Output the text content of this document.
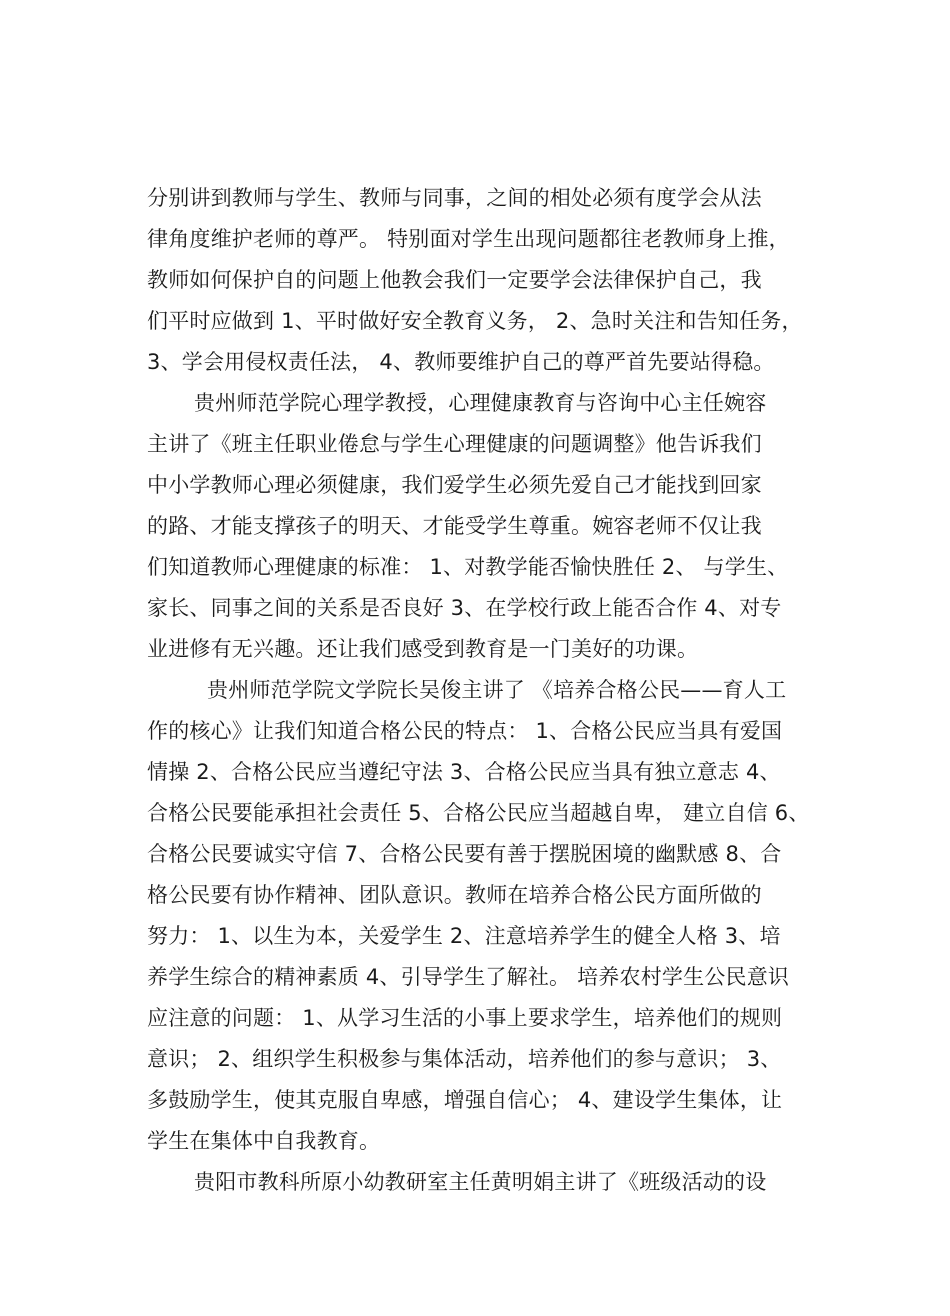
分别讲到教师与学生、教师与同事，之间的相处必须有度学会从法
律角度维护老师的尊严。 特别面对学生出现问题都往老教师身上推，
教师如何保护自的问题上他教会我们一定要学会法律保护自己，我
们平时应做到 1、平时做好安全教育义务， 2、急时关注和告知任务，
3、学会用侵权责任法， 4、教师要维护自己的尊严首先要站得稳。
贵州师范学院心理学教授，心理健康教育与咨询中心主任婉容
主讲了《班主任职业倦怠与学生心理健康的问题调整》他告诉我们
中小学教师心理必须健康，我们爱学生必须先爱自己才能找到回家
的路、才能支撑孩子的明天、才能受学生尊重。婉容老师不仅让我
们知道教师心理健康的标准： 1、对教学能否愉快胜任 2、 与学生、
家长、同事之间的关系是否良好 3、在学校行政上能否合作 4、对专
业进修有无兴趣。还让我们感受到教育是一门美好的功课。
贵州师范学院文学院长吴俊主讲了 《培养合格公民——育人工
作的核心》让我们知道合格公民的特点： 1、合格公民应当具有爱国
情操 2、合格公民应当遵纪守法 3、合格公民应当具有独立意志 4、
合格公民要能承担社会责任 5、合格公民应当超越自卑， 建立自信 6、
合格公民要诚实守信 7、合格公民要有善于摆脱困境的幽默感 8、合
格公民要有协作精神、团队意识。教师在培养合格公民方面所做的
努力： 1、以生为本，关爱学生 2、注意培养学生的健全人格 3、培
养学生综合的精神素质 4、引导学生了解社。 培养农村学生公民意识
应注意的问题： 1、从学习生活的小事上要求学生，培养他们的规则
意识； 2、组织学生积极参与集体活动，培养他们的参与意识； 3、
多鼓励学生，使其克服自卑感，增强自信心； 4、建设学生集体，让
学生在集体中自我教育。
贵阳市教科所原小幼教研室主任黄明娟主讲了《班级活动的设
